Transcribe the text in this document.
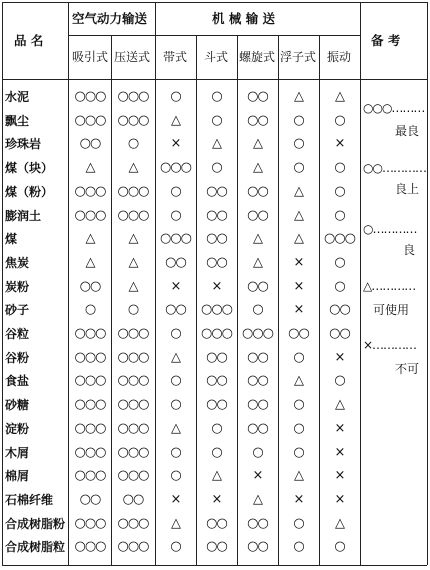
品 名
空气动力输送	机 械 输 送
备 考
吸引式 压送式 带式 斗式 螺旋式 浮子式 振动
水泥	○○○ ○○○	○	○	○○	△	△
飘尘	○○○ ○○○	△	○	○○	○	○
珍珠岩	○○	○	×	△	△	○	×
煤（块）	△	△	○○○	○	△	○	○
煤（粉）	○○○ ○○○	○	○○	○○	△	○
膨润土	○○○ ○○○	○	○○	○○	△	○
煤	△	△	○○○	○○	△	△	○○○
焦炭	△	△	○○	○○	△	×	○
炭粉	○○	△	×	×	○○	×	○
砂子	○	○	○○	○○○	○	×	○○
谷粒	○○○ ○○○	○	○○○ ○○○	○○	○○
谷粉	○○○ ○○○	△	○○	○○	○	×
食盐	○○○ ○○○	○	○○	○○	△	○
砂糖	○○○ ○○○	○	○○	○○	○	△
淀粉	○○○ ○○○	△	○	○○	○	×
木屑	○○○ ○○○	○	○	○	○	×
棉屑	○○○ ○○○	○	△	×	△	×
石棉纤维	○○	○○	×	×	△	×	×
合成树脂粉 ○○○ ○○○	△	○○	○○	○	△
合成树脂粒 ○○○ ○○○	○	○○	○○	○	○
○○○………
最良
○○…………
良上
○…………
良
△…………
可使用
×…………
不可
